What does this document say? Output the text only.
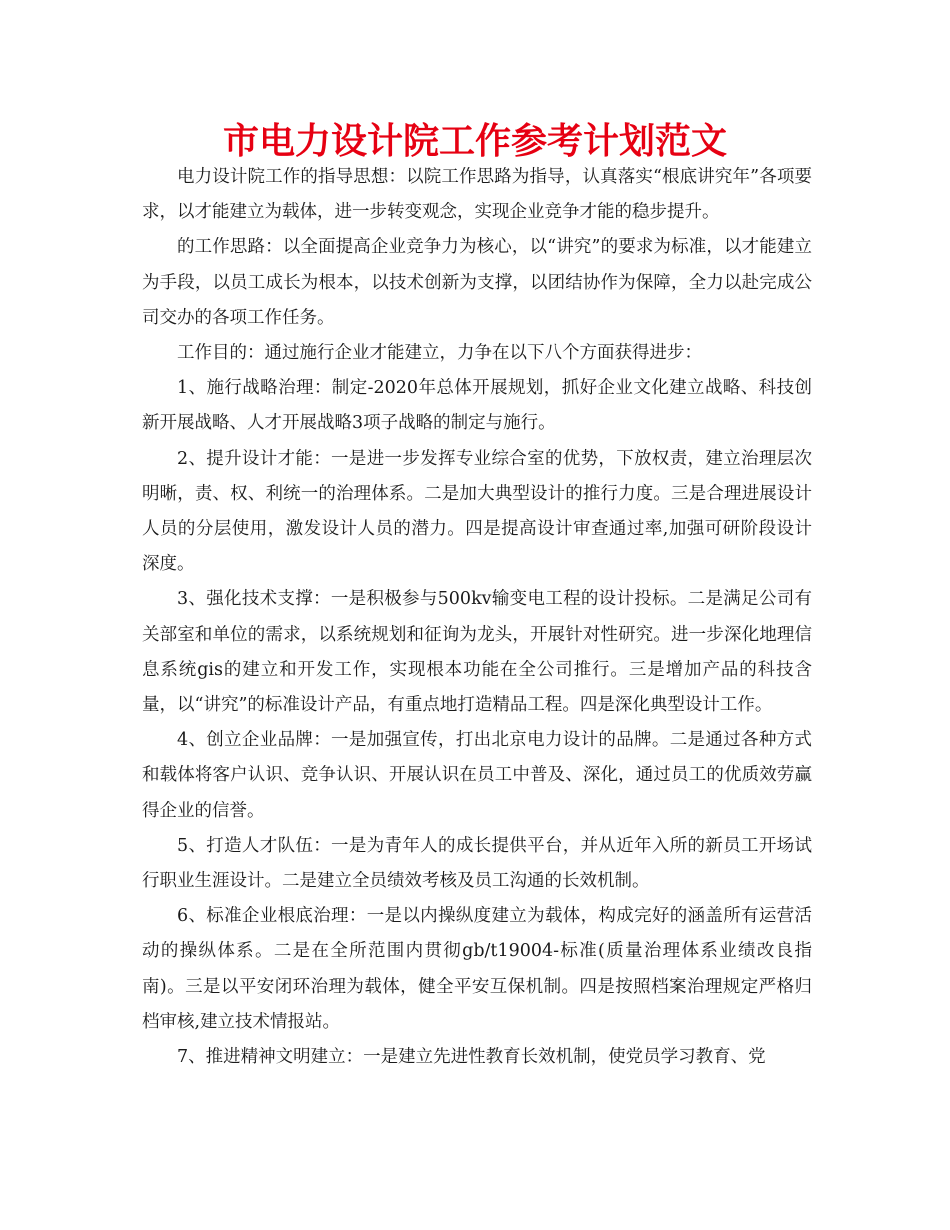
市电力设计院工作参考计划范文

电力设计院工作的指导思想：以院工作思路为指导，认真落实“根底讲究年”各项要求，以才能建立为载体，进一步转变观念，实现企业竞争才能的稳步提升。

的工作思路：以全面提高企业竞争力为核心，以“讲究”的要求为标准，以才能建立为手段，以员工成长为根本，以技术创新为支撑，以团结协作为保障，全力以赴完成公司交办的各项工作任务。

工作目的：通过施行企业才能建立，力争在以下八个方面获得进步：

1、施行战略治理：制定-2020年总体开展规划，抓好企业文化建立战略、科技创新开展战略、人才开展战略3项子战略的制定与施行。

2、提升设计才能：一是进一步发挥专业综合室的优势，下放权责，建立治理层次明晰，责、权、利统一的治理体系。二是加大典型设计的推行力度。三是合理进展设计人员的分层使用，激发设计人员的潜力。四是提高设计审查通过率,加强可研阶段设计深度。

3、强化技术支撑：一是积极参与500kv输变电工程的设计投标。二是满足公司有关部室和单位的需求，以系统规划和征询为龙头，开展针对性研究。进一步深化地理信息系统gis的建立和开发工作，实现根本功能在全公司推行。三是增加产品的科技含量，以“讲究”的标准设计产品，有重点地打造精品工程。四是深化典型设计工作。

4、创立企业品牌：一是加强宣传，打出北京电力设计的品牌。二是通过各种方式和载体将客户认识、竞争认识、开展认识在员工中普及、深化，通过员工的优质效劳赢得企业的信誉。

5、打造人才队伍：一是为青年人的成长提供平台，并从近年入所的新员工开场试行职业生涯设计。二是建立全员绩效考核及员工沟通的长效机制。

6、标准企业根底治理：一是以内操纵度建立为载体，构成完好的涵盖所有运营活动的操纵体系。二是在全所范围内贯彻gb/t19004-标准(质量治理体系业绩改良指南)。三是以平安闭环治理为载体，健全平安互保机制。四是按照档案治理规定严格归档审核,建立技术情报站。

7、推进精神文明建立：一是建立先进性教育长效机制，使党员学习教育、党
